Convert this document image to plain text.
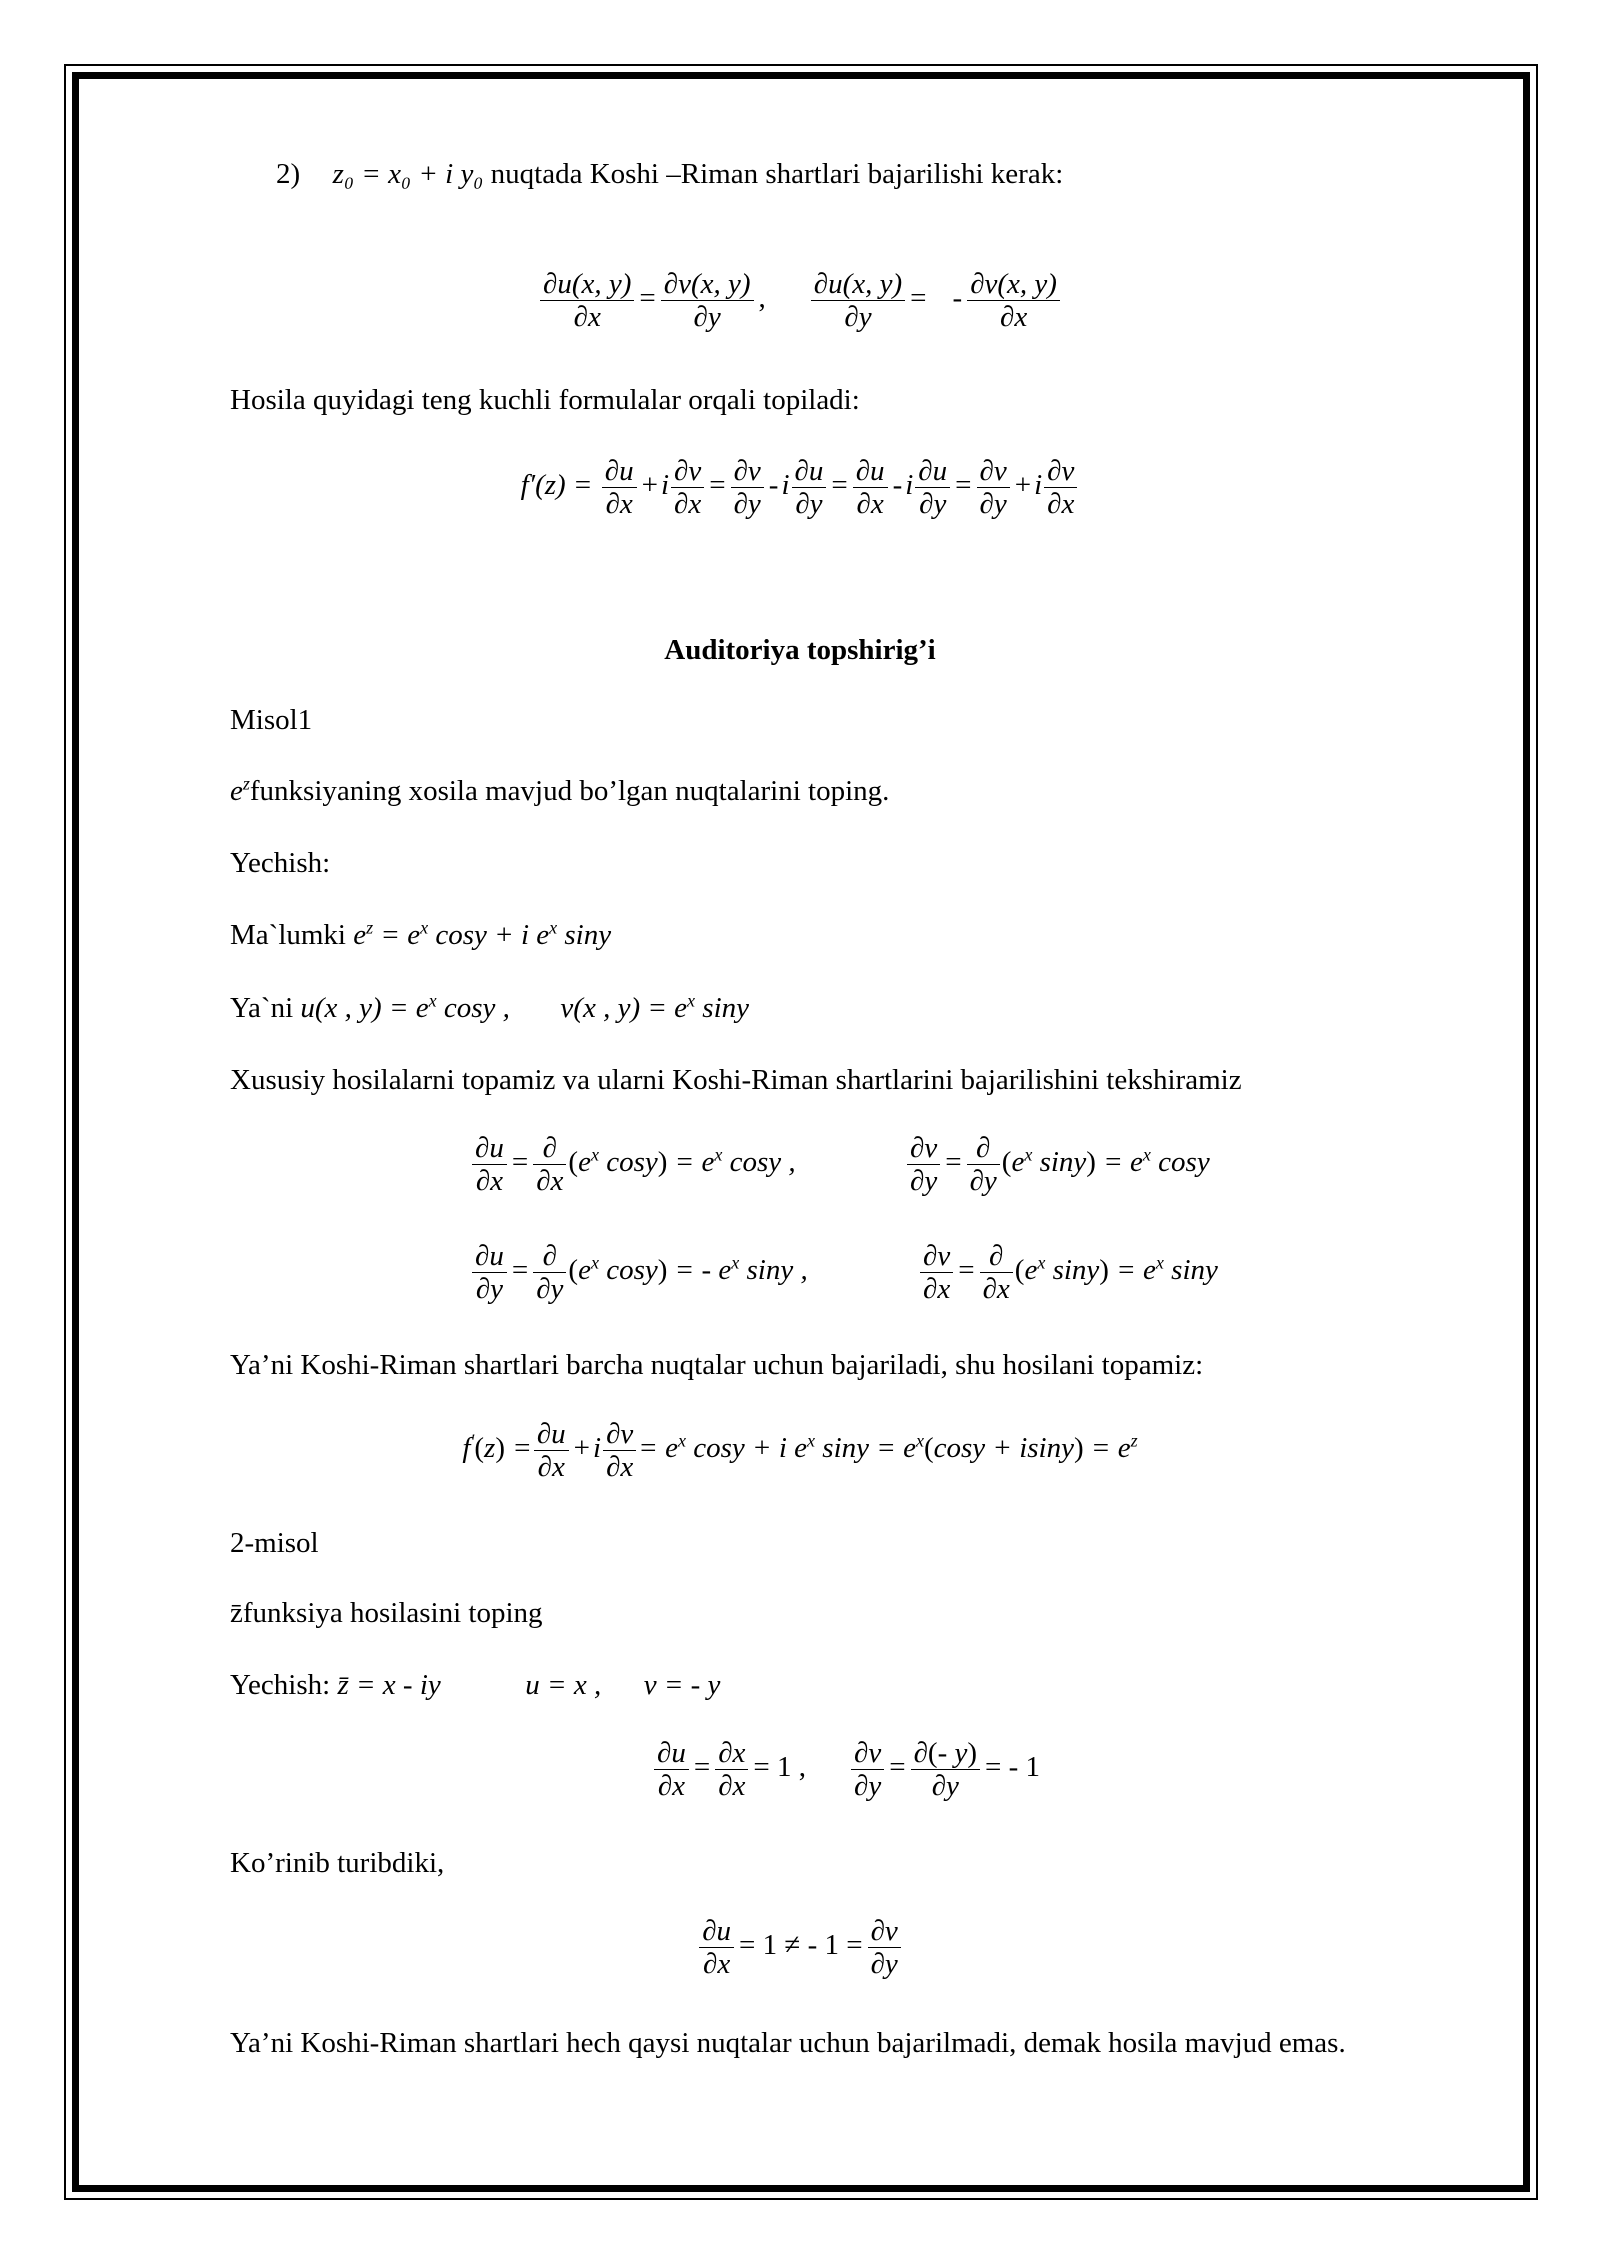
2) z₀ = x₀ + i y₀ nuqtada Koshi –Riman shartlari bajarilishi kerak:
$\frac{\partial u(x, y)}{\partial x} = \frac{\partial v(x, y)}{\partial y}$ , $\frac{\partial u(x, y)}{\partial y}$ = - $\frac{\partial v(x, y)}{\partial x}$
Hosila quyidagi teng kuchli formulalar orqali topiladi:
$f'(z) = \frac{\partial u}{\partial x} + i \frac{\partial v}{\partial x} = \frac{\partial v}{\partial y} - i \frac{\partial u}{\partial y} = \frac{\partial u}{\partial x} - i \frac{\partial u}{\partial y} = \frac{\partial v}{\partial y} + i \frac{\partial v}{\partial x}$
Auditoriya topshirig’i
Misol1
$e^zfunksiyaning$ xosila mavjud bo’lgan nuqtalarini toping.
Yechish:
Ma`lumki $e^z = e^x$ cosy + i $e^x$ siny
Ya`ni u(x , $y) = e^x$ cosy , v(x , $y) = e^x$ siny
Xususiy hosilalarni topamiz va ularni Koshi-Riman shartlarini bajarilishini tekshiramiz
$\frac{\partial u}{\partial x} = \frac{\partial}{\partial x} (e^x$ $\cos y) = e^x$ cosy ,	$\frac{\partial v}{\partial y} = \frac{\partial}{\partial y} (e^x$ $\sin y) = e^x$ cosy
$\frac{\partial u}{\partial y} = \frac{\partial}{\partial y} (e^x$ cosy) = - $e^x$ siny ,	$\frac{\partial v}{\partial x} = \frac{\partial}{\partial x} (e^x$ $\sin y) = e^x$ siny
Ya’ni Koshi-Riman shartlari barcha nuqtalar uchun bajariladi, shu hosilani topamiz:
$f'(z) = \frac{\partial u}{\partial x} + i \frac{\partial v}{\partial x} = e^x$ cosy + i $e^x$ $\sin y = e^x(\cos y + isiny) = e^z$
2-misol
z̄funksiya hosilasini toping
Yechish: z̄ = x - iy	u = x , v = - y
$\frac{\partial u}{\partial x} = \frac{\partial x}{\partial x} = 1$ , $\frac{\partial v}{\partial y} = \frac{\partial(- y)}{\partial y}$ = - 1
Ko’rinib turibdiki,
$\frac{\partial u}{\partial x} = 1$ ≠ - $1 = \frac{\partial v}{\partial y}$
Ya’ni Koshi-Riman shartlari hech qaysi nuqtalar uchun bajarilmadi, demak hosila mavjud emas.
